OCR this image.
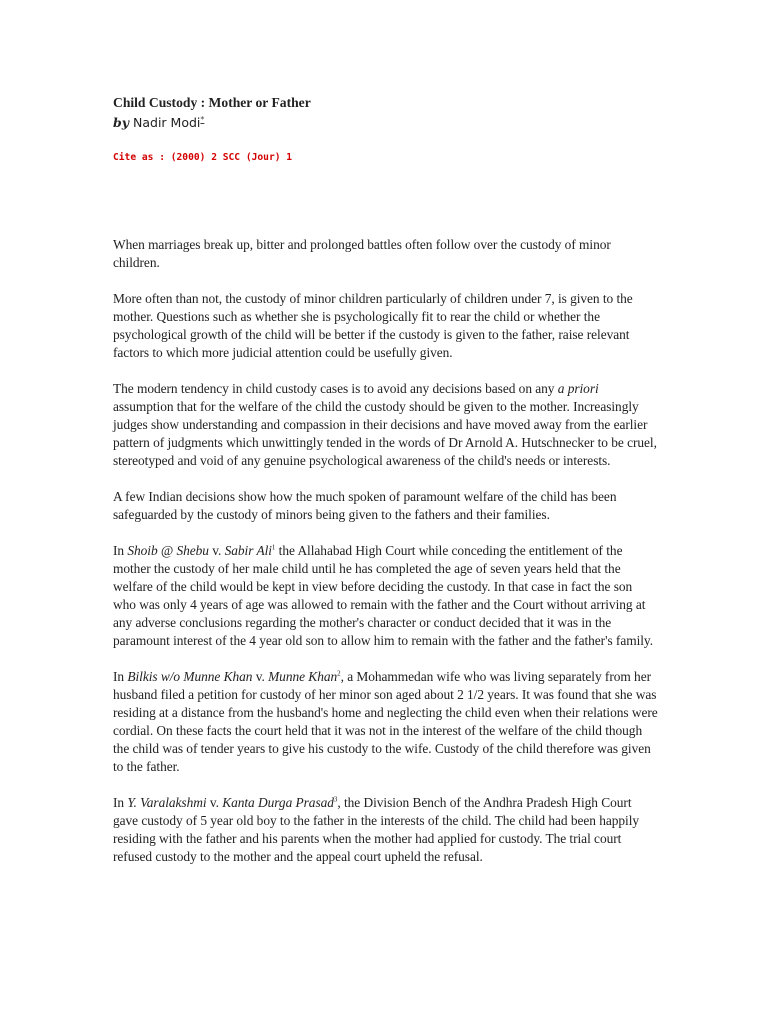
Child Custody : Mother or Father

by Nadir Modi*

Cite as : (2000) 2 SCC (Jour) 1

When marriages break up, bitter and prolonged battles often follow over the custody of minor children.

More often than not, the custody of minor children particularly of children under 7, is given to the mother. Questions such as whether she is psychologically fit to rear the child or whether the psychological growth of the child will be better if the custody is given to the father, raise relevant factors to which more judicial attention could be usefully given.

The modern tendency in child custody cases is to avoid any decisions based on any a priori assumption that for the welfare of the child the custody should be given to the mother. Increasingly judges show understanding and compassion in their decisions and have moved away from the earlier pattern of judgments which unwittingly tended in the words of Dr Arnold A. Hutschnecker to be cruel, stereotyped and void of any genuine psychological awareness of the child's needs or interests.

A few Indian decisions show how the much spoken of paramount welfare of the child has been safeguarded by the custody of minors being given to the fathers and their families.

In Shoib @ Shebu v. Sabir Ali$^1$ the Allahabad High Court while conceding the entitlement of the mother the custody of her male child until he has completed the age of seven years held that the welfare of the child would be kept in view before deciding the custody. In that case in fact the son who was only 4 years of age was allowed to remain with the father and the Court without arriving at any adverse conclusions regarding the mother's character or conduct decided that it was in the paramount interest of the 4 year old son to allow him to remain with the father and the father's family.

In Bilkis w/o Munne Khan v. Munne Khan$^2$, a Mohammedan wife who was living separately from her husband filed a petition for custody of her minor son aged about 2 1/2 years. It was found that she was residing at a distance from the husband's home and neglecting the child even when their relations were cordial. On these facts the court held that it was not in the interest of the welfare of the child though the child was of tender years to give his custody to the wife. Custody of the child therefore was given to the father.

In Y. Varalakshmi v. Kanta Durga Prasad$^3$, the Division Bench of the Andhra Pradesh High Court gave custody of 5 year old boy to the father in the interests of the child. The child had been happily residing with the father and his parents when the mother had applied for custody. The trial court refused custody to the mother and the appeal court upheld the refusal.
